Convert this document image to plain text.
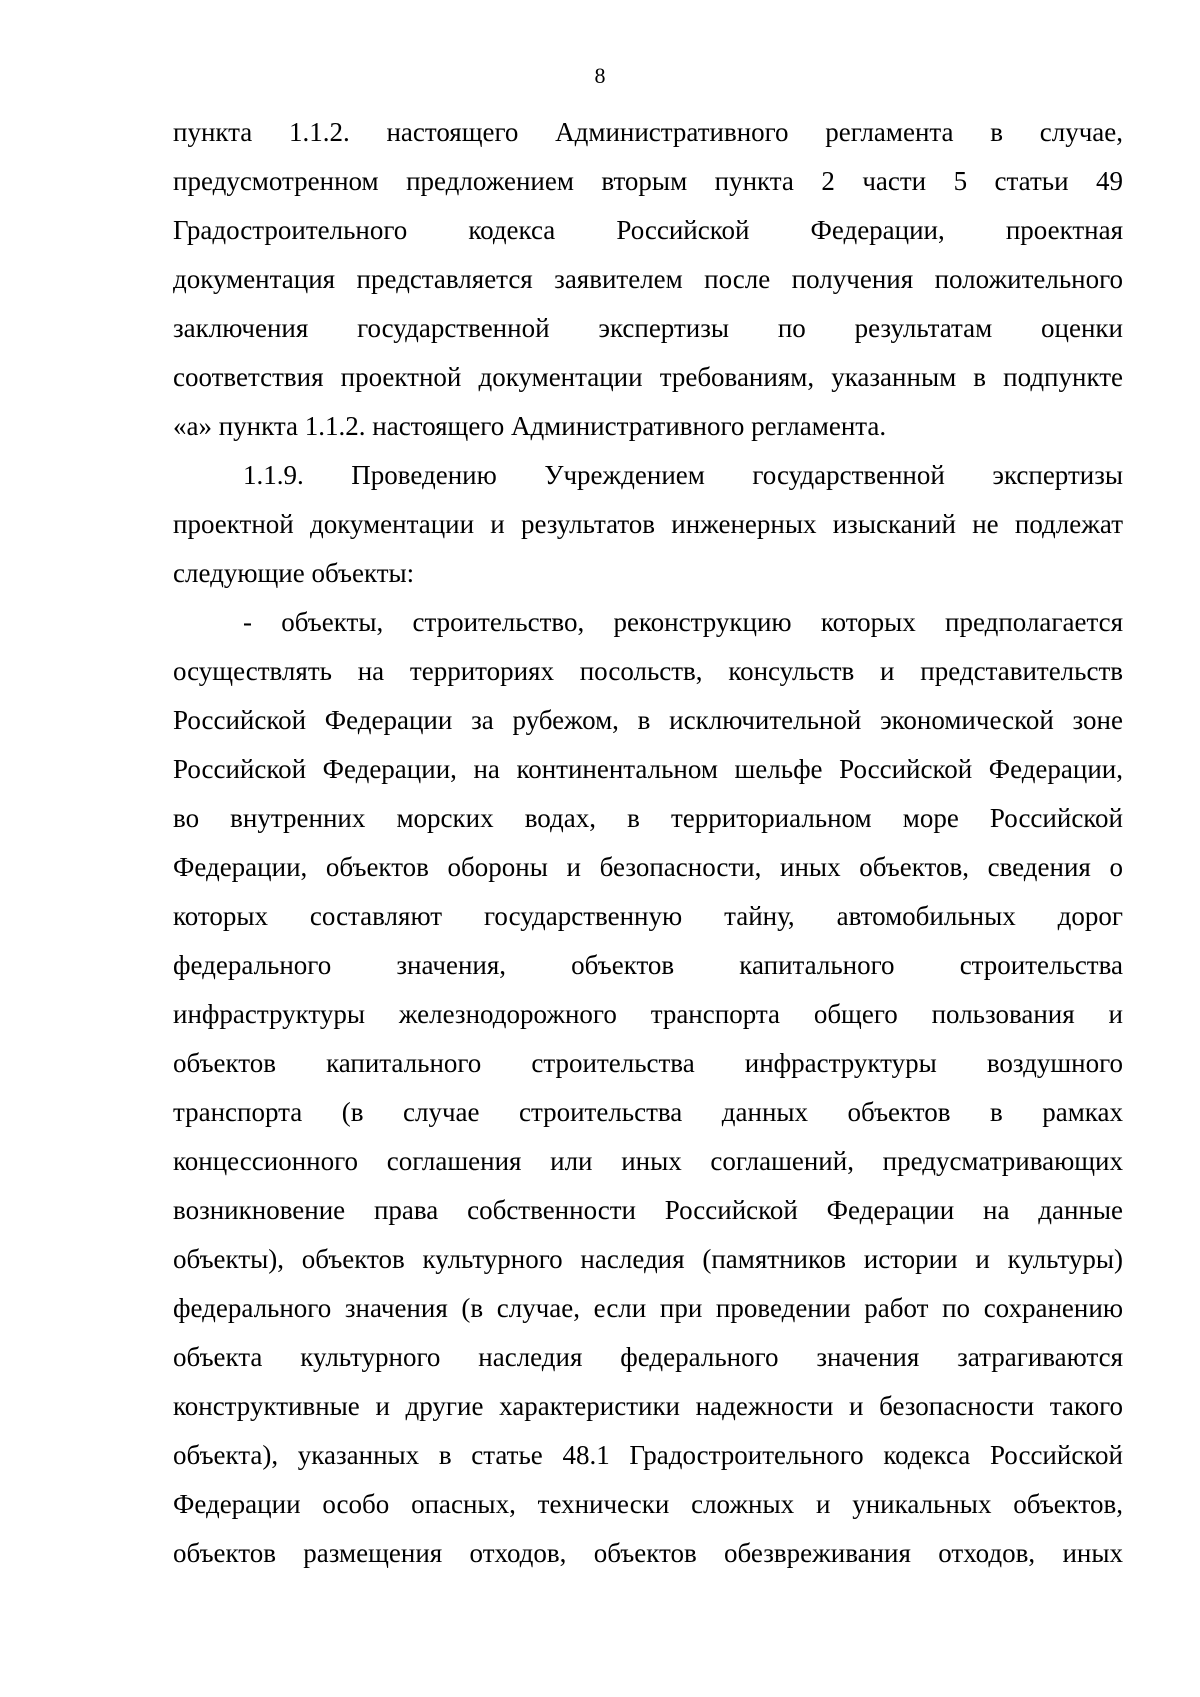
8
пункта 1.1.2. настоящего Административного регламента в случае,
предусмотренном предложением вторым пункта 2 части 5 статьи 49
Градостроительного кодекса Российской Федерации, проектная
документация представляется заявителем после получения положительного
заключения государственной экспертизы по результатам оценки
соответствия проектной документации требованиям, указанным в подпункте
«а» пункта 1.1.2. настоящего Административного регламента.
1.1.9. Проведению Учреждением государственной экспертизы
проектной документации и результатов инженерных изысканий не подлежат
следующие объекты:
- объекты, строительство, реконструкцию которых предполагается
осуществлять на территориях посольств, консульств и представительств
Российской Федерации за рубежом, в исключительной экономической зоне
Российской Федерации, на континентальном шельфе Российской Федерации,
во внутренних морских водах, в территориальном море Российской
Федерации, объектов обороны и безопасности, иных объектов, сведения о
которых составляют государственную тайну, автомобильных дорог
федерального значения, объектов капитального строительства
инфраструктуры железнодорожного транспорта общего пользования и
объектов капитального строительства инфраструктуры воздушного
транспорта (в случае строительства данных объектов в рамках
концессионного соглашения или иных соглашений, предусматривающих
возникновение права собственности Российской Федерации на данные
объекты), объектов культурного наследия (памятников истории и культуры)
федерального значения (в случае, если при проведении работ по сохранению
объекта культурного наследия федерального значения затрагиваются
конструктивные и другие характеристики надежности и безопасности такого
объекта), указанных в статье 48.1 Градостроительного кодекса Российской
Федерации особо опасных, технически сложных и уникальных объектов,
объектов размещения отходов, объектов обезвреживания отходов, иных
